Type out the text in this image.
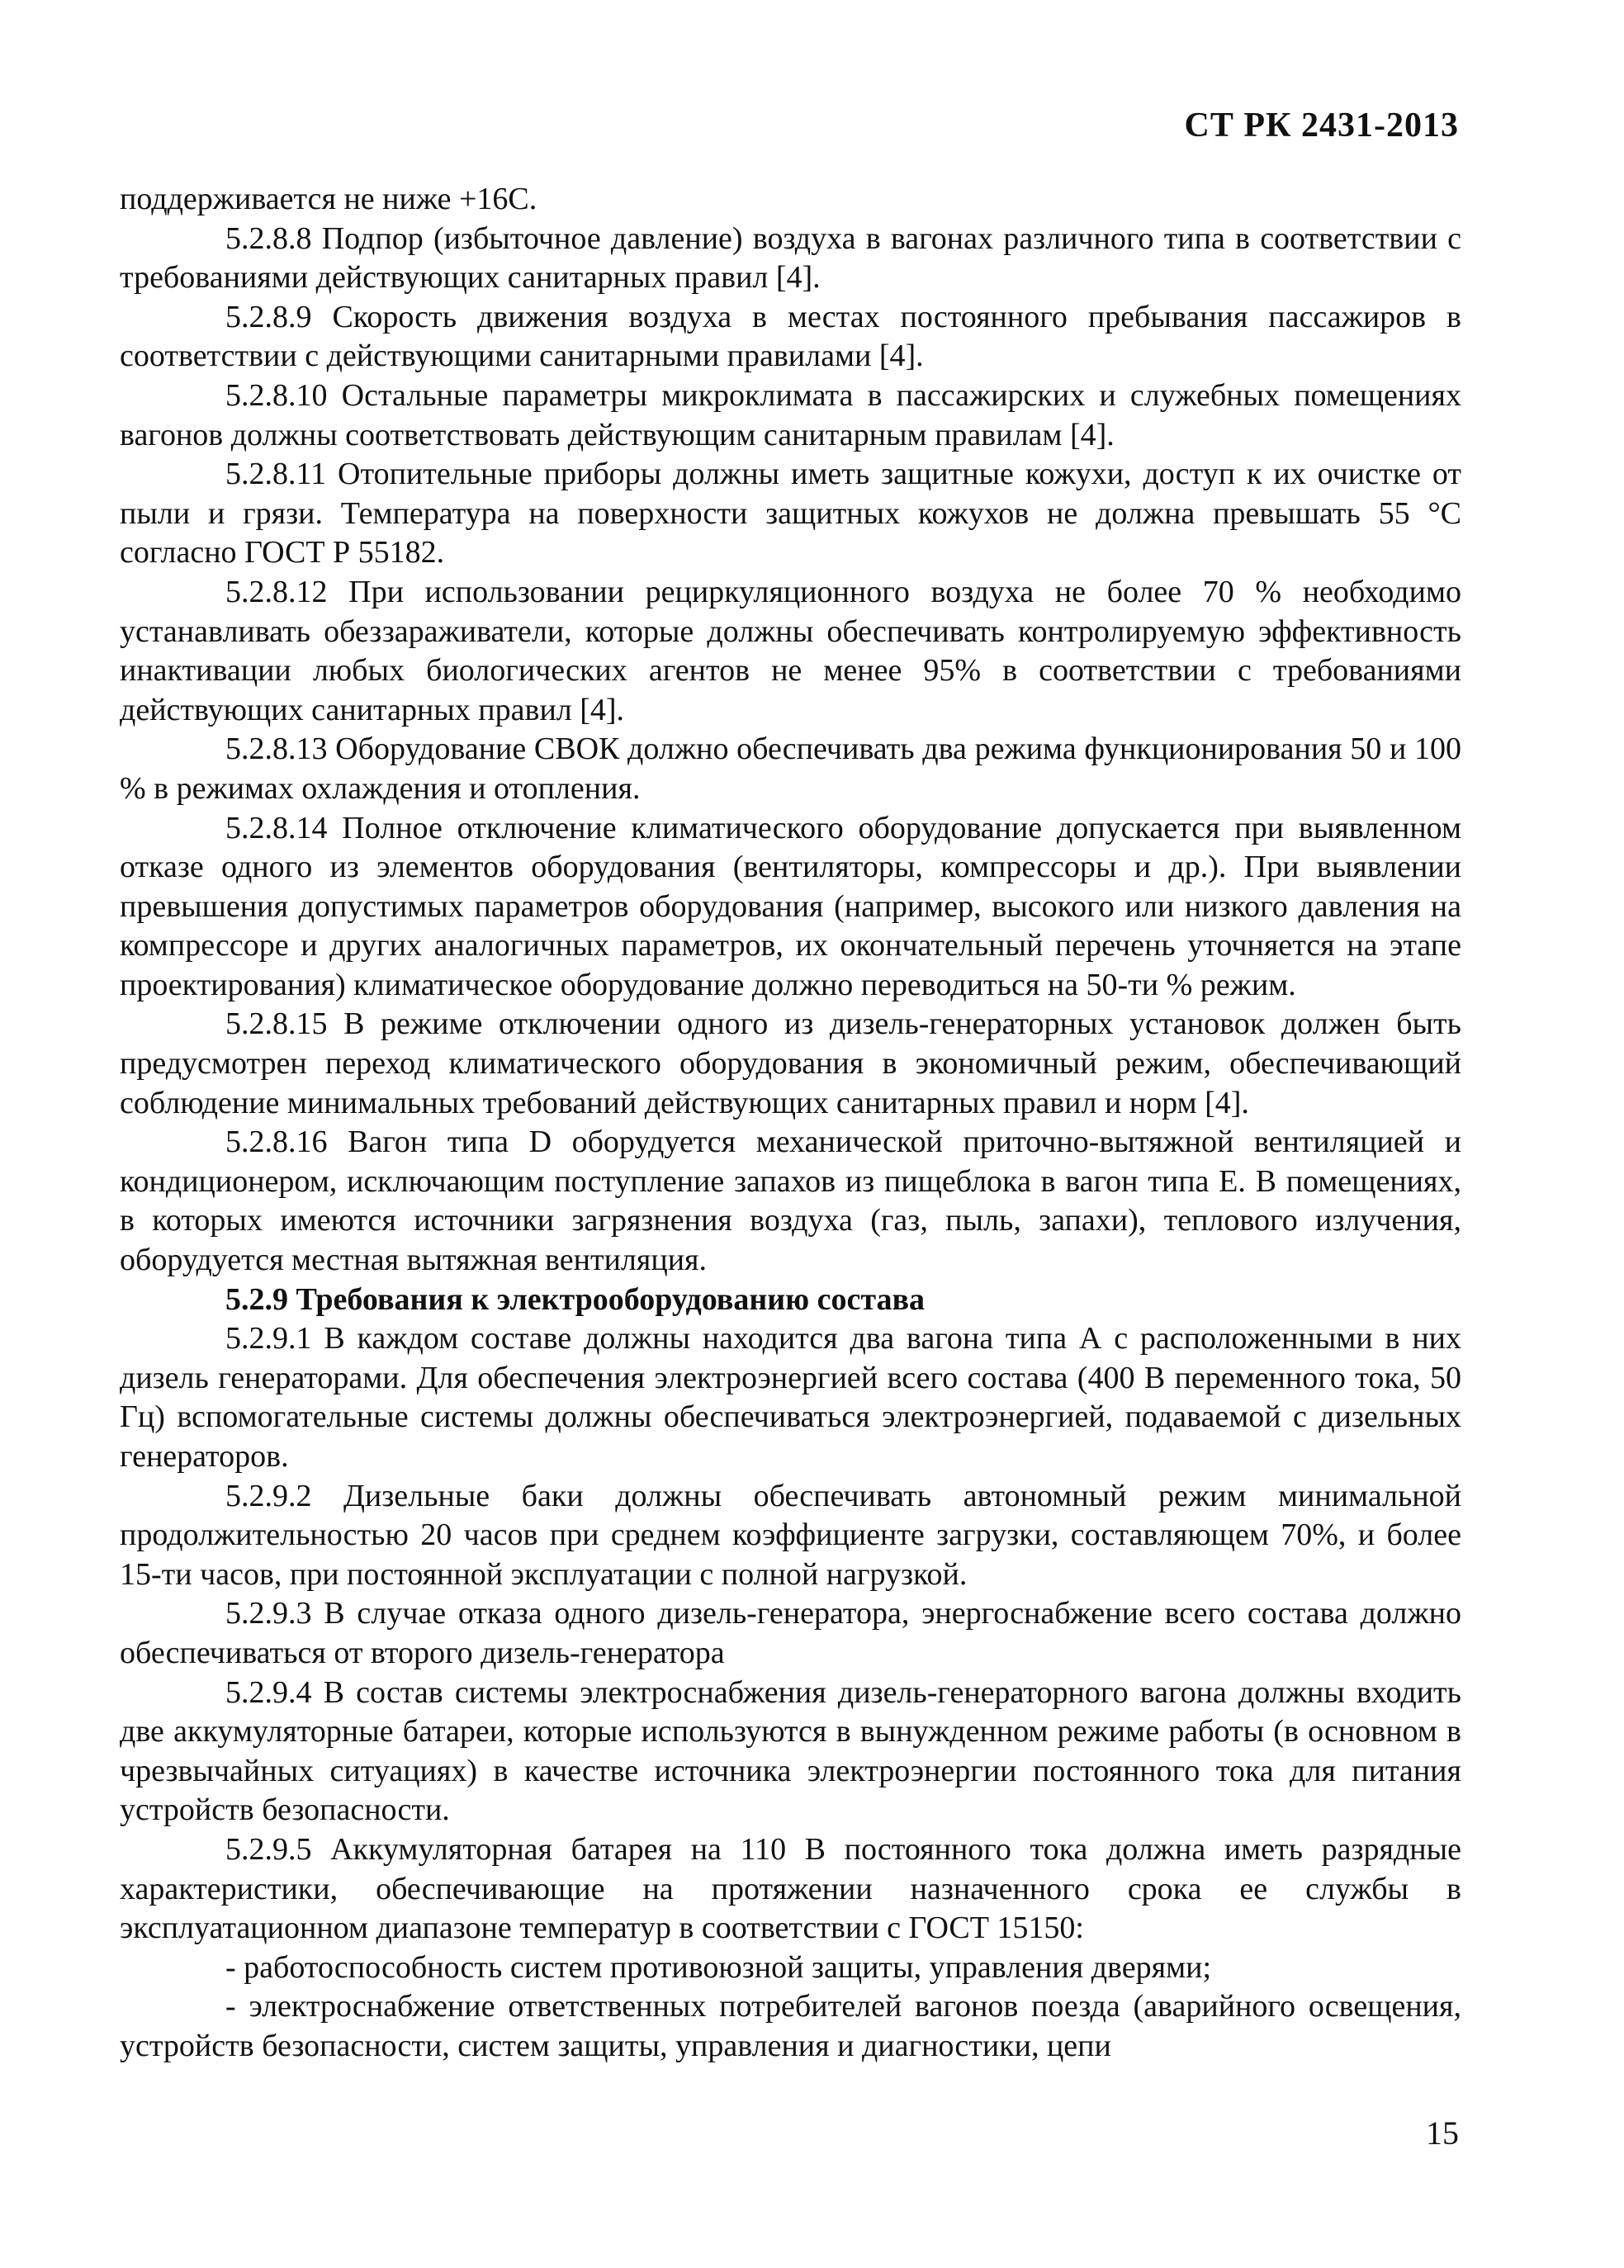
СТ РК 2431-2013

поддерживается не ниже +16С.

5.2.8.8 Подпор (избыточное давление) воздуха в вагонах различного типа в соответствии с требованиями действующих санитарных правил [4].

5.2.8.9 Скорость движения воздуха в местах постоянного пребывания пассажиров в соответствии с действующими санитарными правилами [4].

5.2.8.10 Остальные параметры микроклимата в пассажирских и служебных помещениях вагонов должны соответствовать действующим санитарным правилам [4].

5.2.8.11 Отопительные приборы должны иметь защитные кожухи, доступ к их очистке от пыли и грязи. Температура на поверхности защитных кожухов не должна превышать 55 °С согласно ГОСТ Р 55182.

5.2.8.12 При использовании рециркуляционного воздуха не более 70 % необходимо устанавливать обеззараживатели, которые должны обеспечивать контролируемую эффективность инактивации любых биологических агентов не менее 95% в соответствии с требованиями действующих санитарных правил [4].

5.2.8.13 Оборудование СВОК должно обеспечивать два режима функционирования 50 и 100 % в режимах охлаждения и отопления.

5.2.8.14 Полное отключение климатического оборудование допускается при выявленном отказе одного из элементов оборудования (вентиляторы, компрессоры и др.). При выявлении превышения допустимых параметров оборудования (например, высокого или низкого давления на компрессоре и других аналогичных параметров, их окончательный перечень уточняется на этапе проектирования) климатическое оборудование должно переводиться на 50-ти % режим.

5.2.8.15 В режиме отключении одного из дизель-генераторных установок должен быть предусмотрен переход климатического оборудования в экономичный режим, обеспечивающий соблюдение минимальных требований действующих санитарных правил и норм [4].

5.2.8.16 Вагон типа D оборудуется механической приточно-вытяжной вентиляцией и кондиционером, исключающим поступление запахов из пищеблока в вагон типа Е. В помещениях, в которых имеются источники загрязнения воздуха (газ, пыль, запахи), теплового излучения, оборудуется местная вытяжная вентиляция.

5.2.9 Требования к электрооборудованию состава

5.2.9.1 В каждом составе должны находится два вагона типа А с расположенными в них дизель генераторами. Для обеспечения электроэнергией всего состава (400 В переменного тока, 50 Гц) вспомогательные системы должны обеспечиваться электроэнергией, подаваемой с дизельных генераторов.

5.2.9.2 Дизельные баки должны обеспечивать автономный режим минимальной продолжительностью 20 часов при среднем коэффициенте загрузки, составляющем 70%, и более 15-ти часов, при постоянной эксплуатации с полной нагрузкой.

5.2.9.3 В случае отказа одного дизель-генератора, энергоснабжение всего состава должно обеспечиваться от второго дизель-генератора

5.2.9.4 В состав системы электроснабжения дизель-генераторного вагона должны входить две аккумуляторные батареи, которые используются в вынужденном режиме работы (в основном в чрезвычайных ситуациях) в качестве источника электроэнергии постоянного тока для питания устройств безопасности.

5.2.9.5 Аккумуляторная батарея на 110 В постоянного тока должна иметь разрядные характеристики, обеспечивающие на протяжении назначенного срока ее службы в эксплуатационном диапазоне температур в соответствии с ГОСТ 15150:

- работоспособность систем противоюзной защиты, управления дверями;

- электроснабжение ответственных потребителей вагонов поезда (аварийного освещения, устройств безопасности, систем защиты, управления и диагностики, цепи

15
